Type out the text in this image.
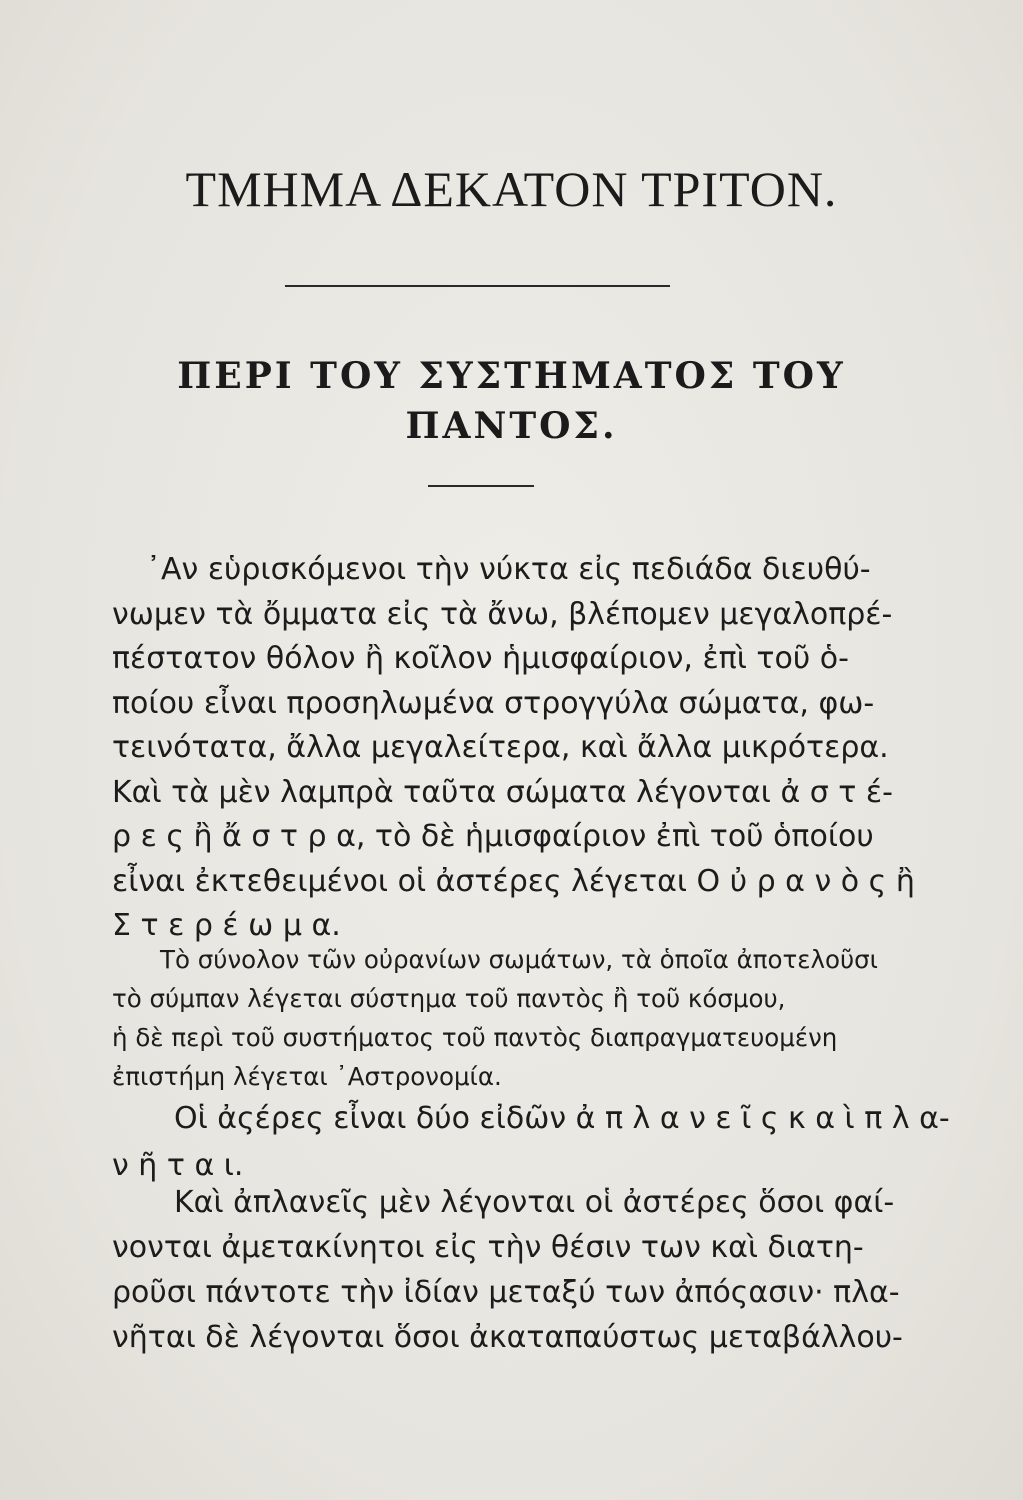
ΤΜΗΜΑ ΔΕΚΑΤΟΝ ΤΡΙΤΟΝ.
ΠΕΡΙ ΤΟΥ ΣΥΣΤΗΜΑΤΟΣ ΤΟΥ
ΠΑΝΤΟΣ.
᾿Αν εὑρισκόμενοι τὴν νύκτα εἰς πεδιάδα διευθύ-
νωμεν τὰ ὄμματα εἰς τὰ ἄνω, βλέπομεν μεγαλοπρέ-
πέστατον θόλον ἢ κοῖλον ἡμισφαίριον, ἐπὶ τοῦ ὁ-
ποίου εἶναι προσηλωμένα στρογγύλα σώματα, φω-
τεινότατα, ἄλλα μεγαλείτερα, καὶ ἄλλα μικρότερα.
Καὶ τὰ μὲν λαμπρὰ ταῦτα σώματα λέγονται ἀ σ τ έ-
ρ ε ς ἢ ἄ σ τ ρ α, τὸ δὲ ἡμισφαίριον ἐπὶ τοῦ ὁποίου
εἶναι ἐκτεθειμένοι οἱ ἀστέρες λέγεται Ο ὐ ρ α ν ὸ ς ἢ
Σ τ ε ρ έ ω μ α.
Τὸ σύνολον τῶν οὐρανίων σωμάτων, τὰ ὁποῖα ἀποτελοῦσι
τὸ σύμπαν λέγεται σύστημα τοῦ παντὸς ἢ τοῦ κόσμου,
ἡ δὲ περὶ τοῦ συστήματος τοῦ παντὸς διαπραγματευομένη
ἐπιστήμη λέγεται ᾿Αστρονομία.
Οἱ ἀςέρες εἶναι δύο εἰδῶν ἀ π λ α ν ε ῖ ς κ α ὶ π λ α-
ν ῆ τ α ι.
Καὶ ἀπλανεῖς μὲν λέγονται οἱ ἀστέρες ὅσοι φαί-
νονται ἀμετακίνητοι εἰς τὴν θέσιν των καὶ διατη-
ροῦσι πάντοτε τὴν ἰδίαν μεταξύ των ἀπόςασιν· πλα-
νῆται δὲ λέγονται ὅσοι ἀκαταπαύστως μεταβάλλου-
